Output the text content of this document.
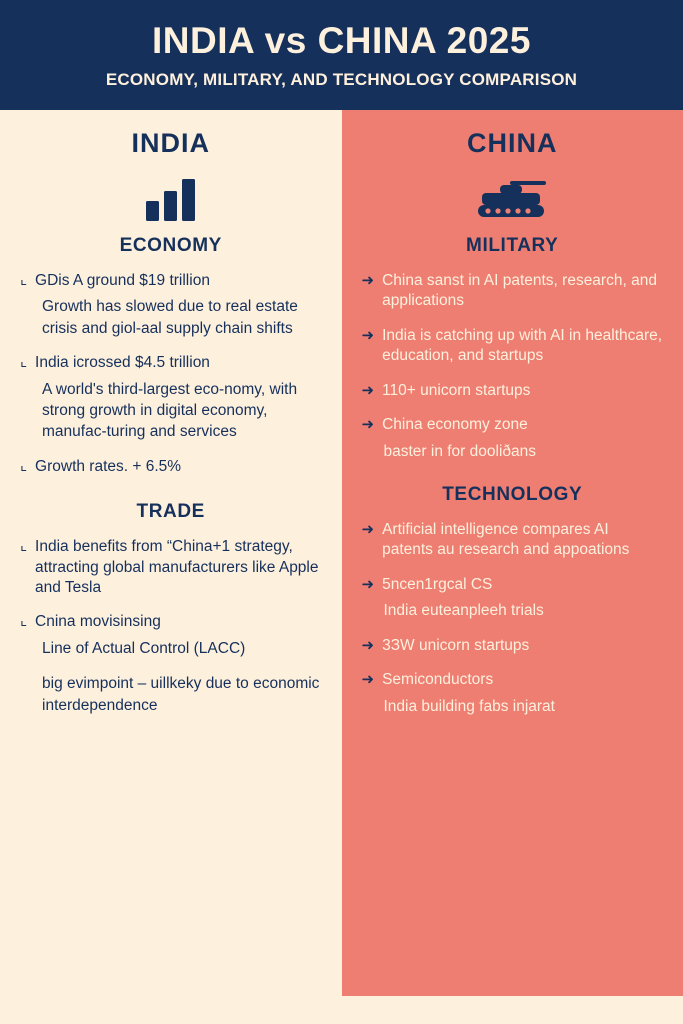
INDIA vs CHINA 2025
ECONOMY, MILITARY, AND TECHNOLOGY COMPARISON
INDIA
ECONOMY
⌞ GDis A ground $19 trillion
Growth has slowed due to real estate crisis and giol-aal supply chain shifts
⌞ India icrossed $4.5 trillion
A world's third-largest eco-nomy, with strong growth in digital economy, manufac-turing and services
⌞ Growth rates. + 6.5%
TRADE
⌞ India benefits from “China+1 strategy, attracting global manufacturers like Apple and Tesla
⌞ Cnina movisinsing
Line of Actual Control (LACC)
big evimpoint – uillkeky due to economic interdependence
CHINA
MILITARY
➜ China sanst in AI patents, research, and applications
➜ India is catching up with AI in healthcare, education, and startups
➜ 110+ unicorn startups
➜ China economy zone
baster in for dooliðans
TECHNOLOGY
➜ Artificial intelligence compares AI patents au research and appoations
➜ 5ncen1rgcal CЅ
India еuteanpleeh trials
➜ 3ЗW unicorn startups
➜ Semiconductors
India building fabs injarat
